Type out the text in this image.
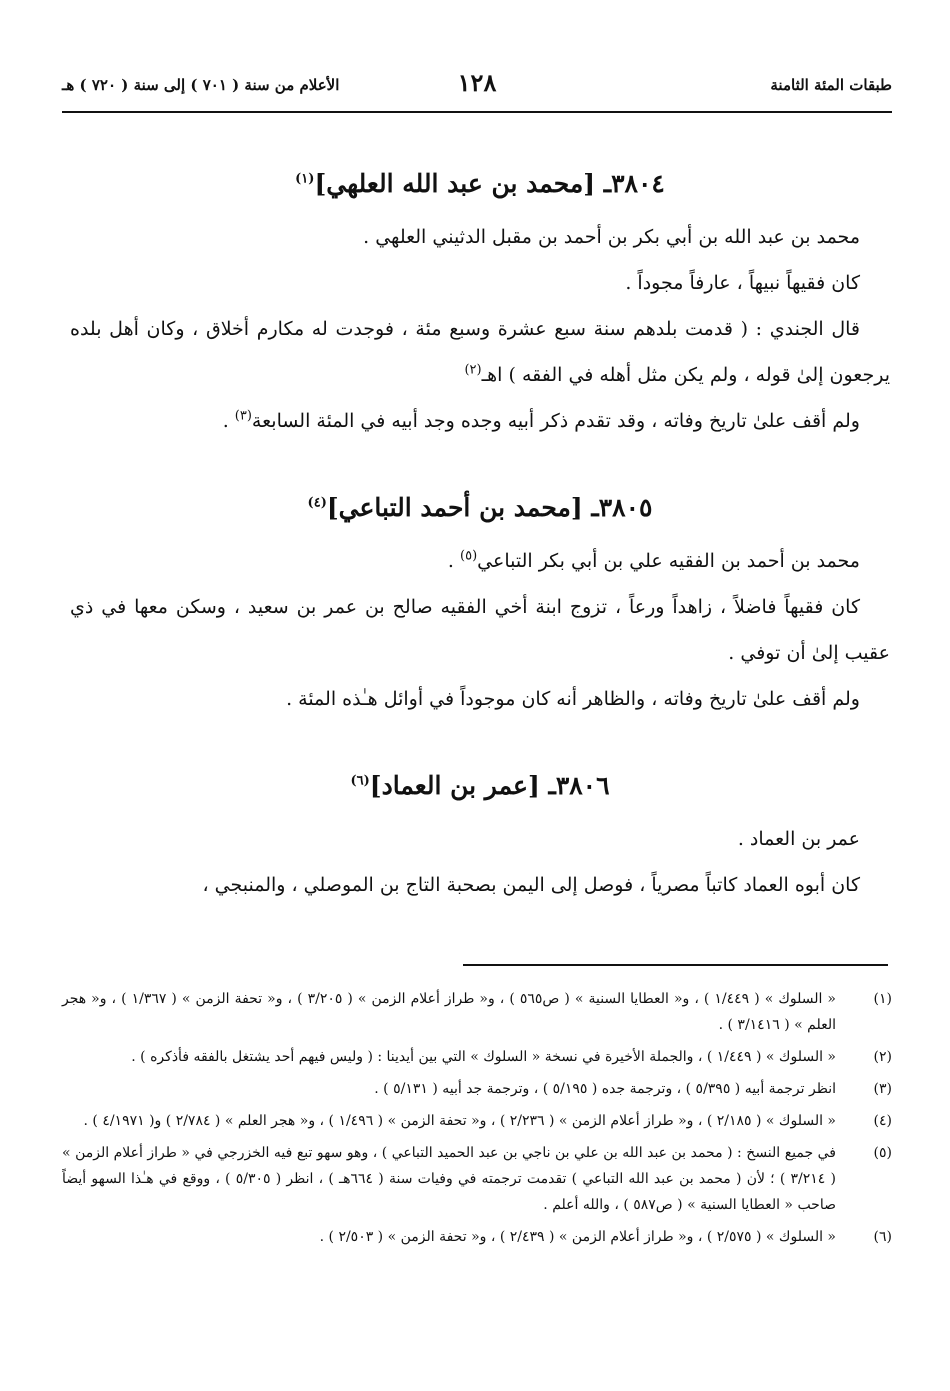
طبقات المئة الثامنة
١٢٨
الأعلام من سنة ( ٧٠١ ) إلى سنة ( ٧٢٠ ) هـ
٣٨٠٤ـ [محمد بن عبد الله العلهي]$^{(١)}$

محمد بن عبد الله بن أبي بكر بن أحمد بن مقبل الدثيني العلهي .

كان فقيهاً نبيهاً ، عارفاً مجوداً .

قال الجندي : ( قدمت بلدهم سنة سبع عشرة وسبع مئة ، فوجدت له مكارم أخلاق ، وكان أهل بلده يرجعون إلىٰ قوله ، ولم يكن مثل أهله في الفقه ) اهـ$^{(٢)}$

ولم أقف علىٰ تاريخ وفاته ، وقد تقدم ذكر أبيه وجده وجد أبيه في المئة السابعة$^{(٣)}$ .

٣٨٠٥ـ [محمد بن أحمد التباعي]$^{(٤)}$

محمد بن أحمد بن الفقيه علي بن أبي بكر التباعي$^{(٥)}$ .

كان فقيهاً فاضلاً ، زاهداً ورعاً ، تزوج ابنة أخي الفقيه صالح بن عمر بن سعيد ، وسكن معها في ذي عقيب إلىٰ أن توفي .

ولم أقف علىٰ تاريخ وفاته ، والظاهر أنه كان موجوداً في أوائل هـٰذه المئة .

٣٨٠٦ـ [عمر بن العماد]$^{(٦)}$

عمر بن العماد .

كان أبوه العماد كاتباً مصرياً ، فوصل إلى اليمن بصحبة التاج بن الموصلي ، والمنبجي ،

(١)
« السلوك » ( ١/٤٤٩ ) ، و« العطايا السنية » ( ص٥٦٥ ) ، و« طراز أعلام الزمن » ( ٣/٢٠٥ ) ، و« تحفة الزمن » ( ١/٣٦٧ ) ، و« هجر العلم » ( ٣/١٤١٦ ) .
(٢)
« السلوك » ( ١/٤٤٩ ) ، والجملة الأخيرة في نسخة « السلوك » التي بين أيدينا : ( وليس فيهم أحد يشتغل بالفقه فأذكره ) .
(٣)
انظر ترجمة أبيه ( ٥/٣٩٥ ) ، وترجمة جده ( ٥/١٩٥ ) ، وترجمة جد أبيه ( ٥/١٣١ ) .
(٤)
« السلوك » ( ٢/١٨٥ ) ، و« طراز أعلام الزمن » ( ٢/٢٣٦ ) ، و« تحفة الزمن » ( ١/٤٩٦ ) ، و« هجر العلم » ( ٢/٧٨٤ ) و( ٤/١٩٧١ ) .
(٥)
في جميع النسخ : ( محمد بن عبد الله بن علي بن ناجي بن عبد الحميد التباعي ) ، وهو سهو تبع فيه الخزرجي في « طراز أعلام الزمن » ( ٣/٢١٤ ) ؛ لأن ( محمد بن عبد الله التباعي ) تقدمت ترجمته في وفيات سنة ( ٦٦٤هـ ) ، انظر ( ٥/٣٠٥ ) ، ووقع في هـٰذا السهو أيضاً صاحب « العطايا السنية » ( ص٥٨٧ ) ، والله أعلم .
(٦)
« السلوك » ( ٢/٥٧٥ ) ، و« طراز أعلام الزمن » ( ٢/٤٣٩ ) ، و« تحفة الزمن » ( ٢/٥٠٣ ) .
